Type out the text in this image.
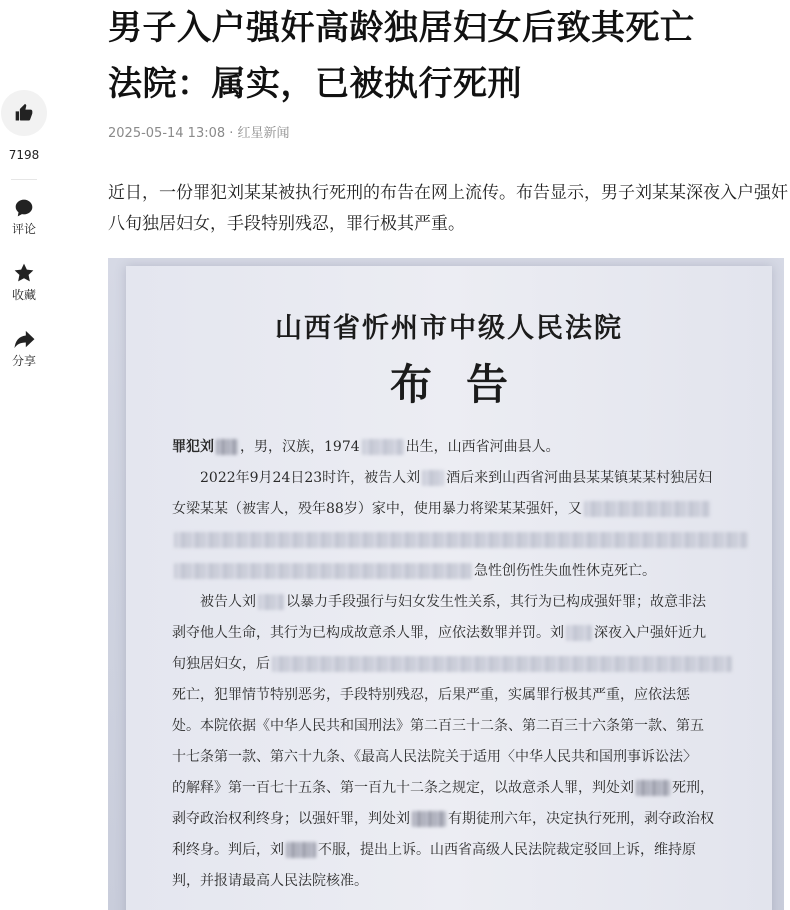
7198
评论
收藏
分享
男子入户强奸高龄独居妇女后致其死亡
法院：属实，已被执行死刑
2025-05-14 13:08 · 红星新闻

近日，一份罪犯刘某某被执行死刑的布告在网上流传。布告显示，男子刘某某深夜入户强奸八旬独居妇女，手段特别残忍，罪行极其严重。

山西省忻州市中级人民法院
布告
罪犯刘 ，男，汉族，1974	出生，山西省河曲县人。
2022年9月24日23时许，被告人刘 酒后来到山西省河曲县某某镇某某村独居妇
女梁某某（被害人，殁年88岁）家中，使用暴力将梁某某强奸，又
急性创伤性失血性休克死亡。
被告人刘 以暴力手段强行与妇女发生性关系，其行为已构成强奸罪；故意非法
剥夺他人生命，其行为已构成故意杀人罪，应依法数罪并罚。刘 深夜入户强奸近九
旬独居妇女，后
死亡，犯罪情节特别恶劣，手段特别残忍，后果严重，实属罪行极其严重，应依法惩
处。本院依据《中华人民共和国刑法》第二百三十二条、第二百三十六条第一款、第五
十七条第一款、第六十九条、《最高人民法院关于适用〈中华人民共和国刑事诉讼法〉
的解释》第一百七十五条、第一百九十二条之规定，以故意杀人罪，判处刘	死刑，
剥夺政治权利终身；以强奸罪，判处刘	有期徒刑六年，决定执行死刑，剥夺政治权
利终身。判后，刘 不服，提出上诉。山西省高级人民法院裁定驳回上诉，维持原
判，并报请最高人民法院核准。
